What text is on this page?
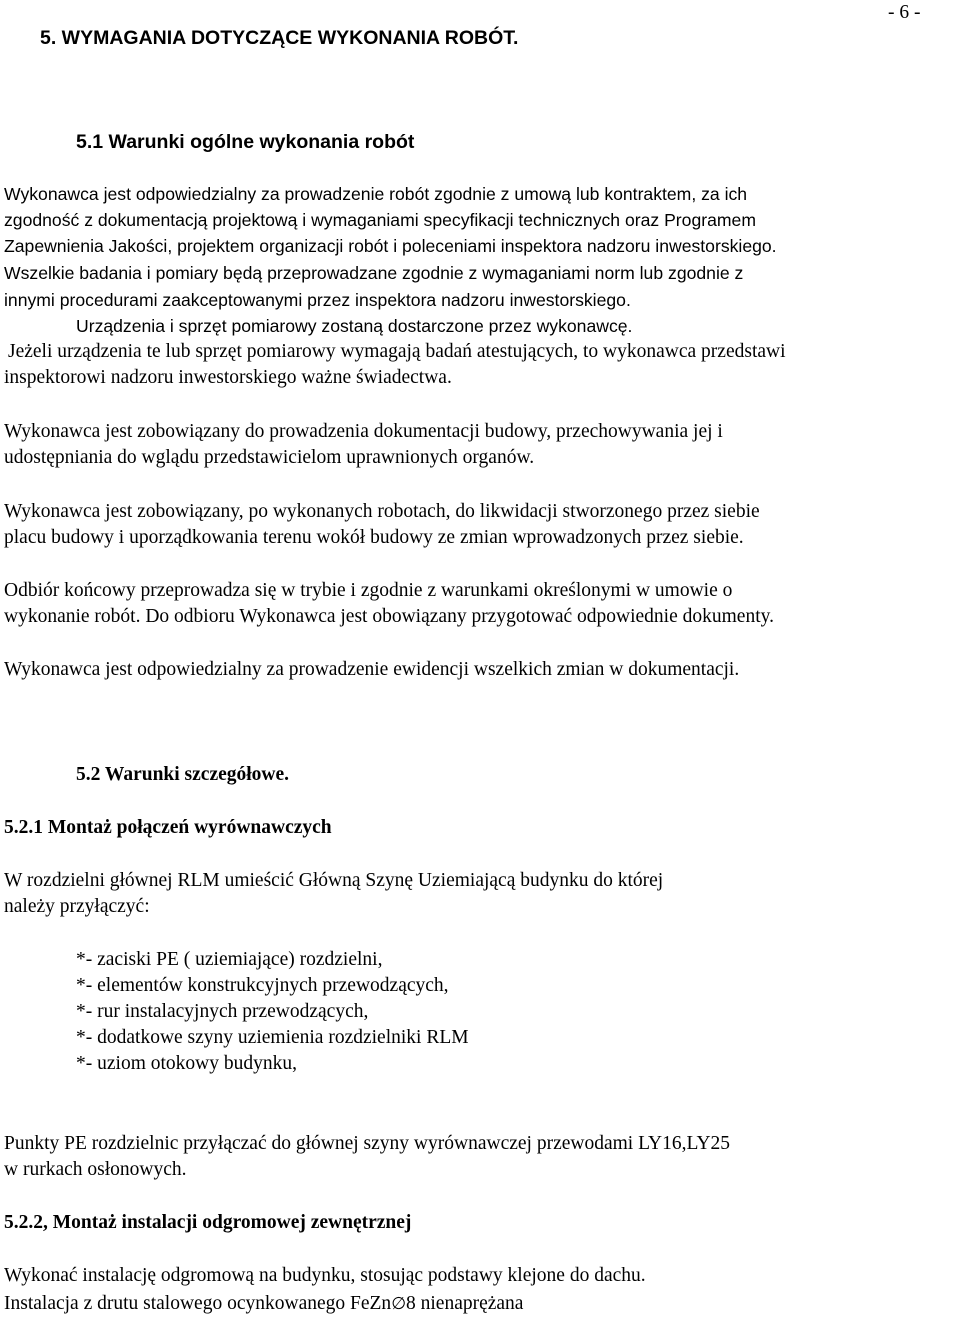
- 6 -
5. WYMAGANIA DOTYCZĄCE WYKONANIA ROBÓT.
5.1 Warunki ogólne wykonania robót
Wykonawca jest odpowiedzialny za prowadzenie robót zgodnie z umową lub kontraktem, za ich
zgodność z dokumentacją projektową i wymaganiami specyfikacji technicznych oraz Programem
Zapewnienia Jakości, projektem organizacji robót i poleceniami inspektora nadzoru inwestorskiego.
Wszelkie badania i pomiary będą przeprowadzane zgodnie z wymaganiami norm lub zgodnie z
innymi procedurami zaakceptowanymi przez inspektora nadzoru inwestorskiego.
Urządzenia i sprzęt pomiarowy zostaną dostarczone przez wykonawcę.
Jeżeli urządzenia te lub sprzęt pomiarowy wymagają badań atestujących, to wykonawca przedstawi
inspektorowi nadzoru inwestorskiego ważne świadectwa.
Wykonawca jest zobowiązany do prowadzenia dokumentacji budowy, przechowywania jej i
udostępniania do wglądu przedstawicielom uprawnionych organów.
Wykonawca jest zobowiązany, po wykonanych robotach, do likwidacji stworzonego przez siebie
placu budowy i uporządkowania terenu wokół budowy ze zmian wprowadzonych przez siebie.
Odbiór końcowy przeprowadza się w trybie i zgodnie z warunkami określonymi w umowie o
wykonanie robót. Do odbioru Wykonawca jest obowiązany przygotować odpowiednie dokumenty.
Wykonawca jest odpowiedzialny za prowadzenie ewidencji wszelkich zmian w dokumentacji.
5.2 Warunki szczegółowe.
5.2.1 Montaż połączeń wyrównawczych
W rozdzielni głównej RLM umieścić Główną Szynę Uziemiającą budynku do której
należy przyłączyć:
*- zaciski PE ( uziemiające) rozdzielni,
*- elementów konstrukcyjnych przewodzących,
*- rur instalacyjnych przewodzących,
*- dodatkowe szyny uziemienia rozdzielniki RLM
*- uziom otokowy budynku,
Punkty PE rozdzielnic przyłączać do głównej szyny wyrównawczej przewodami LY16,LY25
w rurkach osłonowych.
5.2.2, Montaż instalacji odgromowej zewnętrznej
Wykonać instalację odgromową na budynku, stosując podstawy klejone do dachu.
Instalacja z drutu stalowego ocynkowanego FeZn∅8 nienaprężana
